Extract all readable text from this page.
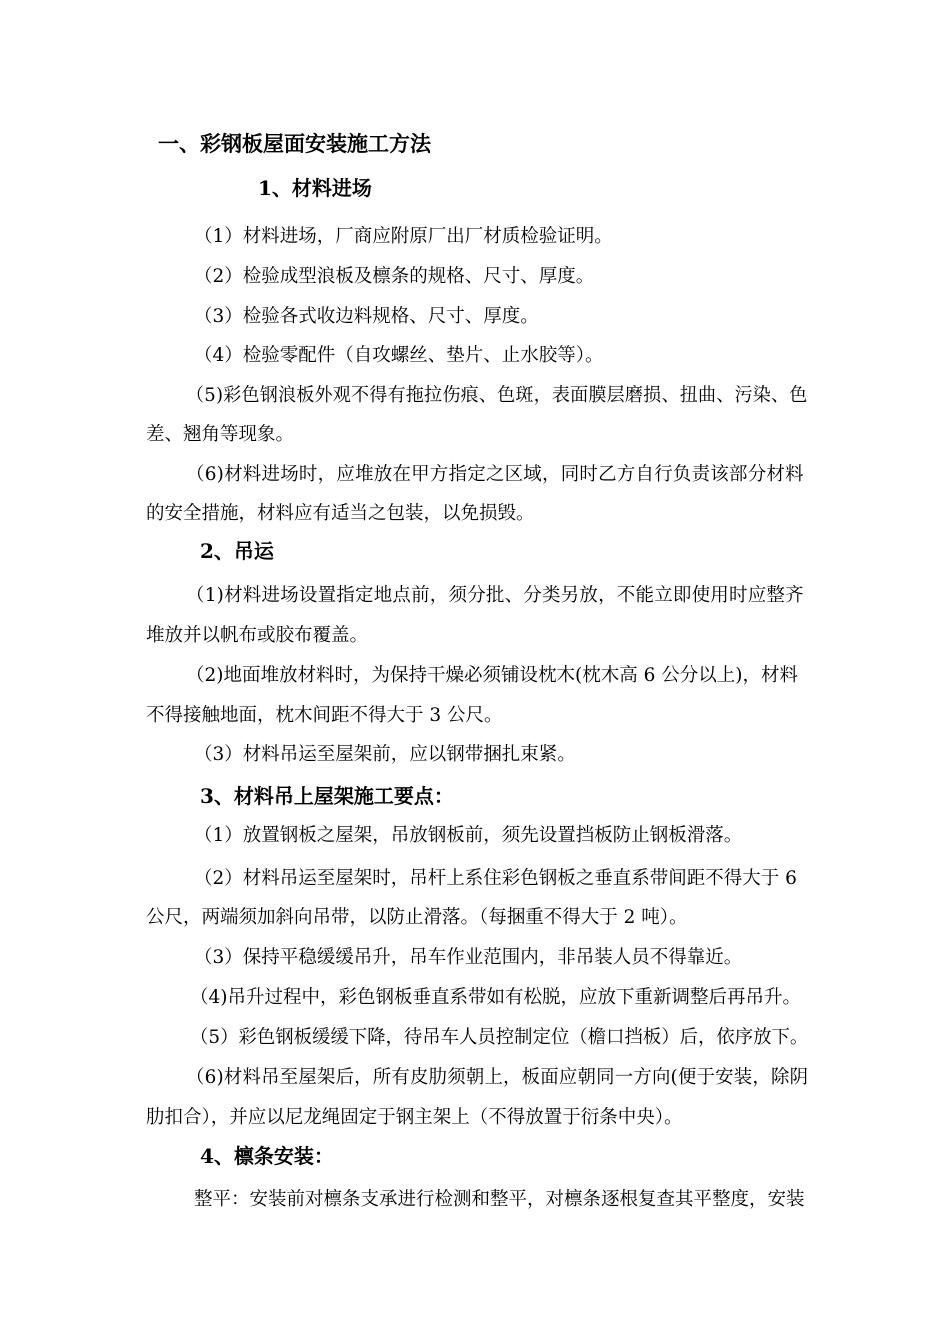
一、彩钢板屋面安装施工方法
1、材料进场
（1）材料进场，厂商应附原厂出厂材质检验证明。
（2）检验成型浪板及檩条的规格、尺寸、厚度。
（3）检验各式收边料规格、尺寸、厚度。
（4）检验零配件（自攻螺丝、垫片、止水胶等）。
（5)彩色钢浪板外观不得有拖拉伤痕、色斑，表面膜层磨损、扭曲、污染、色
差、翘角等现象。
（6)材料进场时，应堆放在甲方指定之区域，同时乙方自行负责该部分材料
的安全措施，材料应有适当之包装，以免损毁。
2、吊运
（1)材料进场设置指定地点前，须分批、分类另放，不能立即使用时应整齐
堆放并以帆布或胶布覆盖。
（2)地面堆放材料时，为保持干燥必须铺设枕木(枕木高 6 公分以上)，材料
不得接触地面，枕木间距不得大于 3 公尺。
（3）材料吊运至屋架前，应以钢带捆扎束紧。
3、材料吊上屋架施工要点：
（1）放置钢板之屋架，吊放钢板前，须先设置挡板防止钢板滑落。
（2）材料吊运至屋架时，吊杆上系住彩色钢板之垂直系带间距不得大于 6
公尺，两端须加斜向吊带，以防止滑落。（每捆重不得大于 2 吨）。
（3）保持平稳缓缓吊升，吊车作业范围内，非吊装人员不得靠近。
（4)吊升过程中，彩色钢板垂直系带如有松脱，应放下重新调整后再吊升。
（5）彩色钢板缓缓下降，待吊车人员控制定位（檐口挡板）后，依序放下。
（6)材料吊至屋架后，所有皮肋须朝上，板面应朝同一方向(便于安装，除阴
肋扣合），并应以尼龙绳固定于钢主架上（不得放置于衍条中央）。
4、檩条安装：
整平：安装前对檩条支承进行检测和整平，对檩条逐根复查其平整度，安装
